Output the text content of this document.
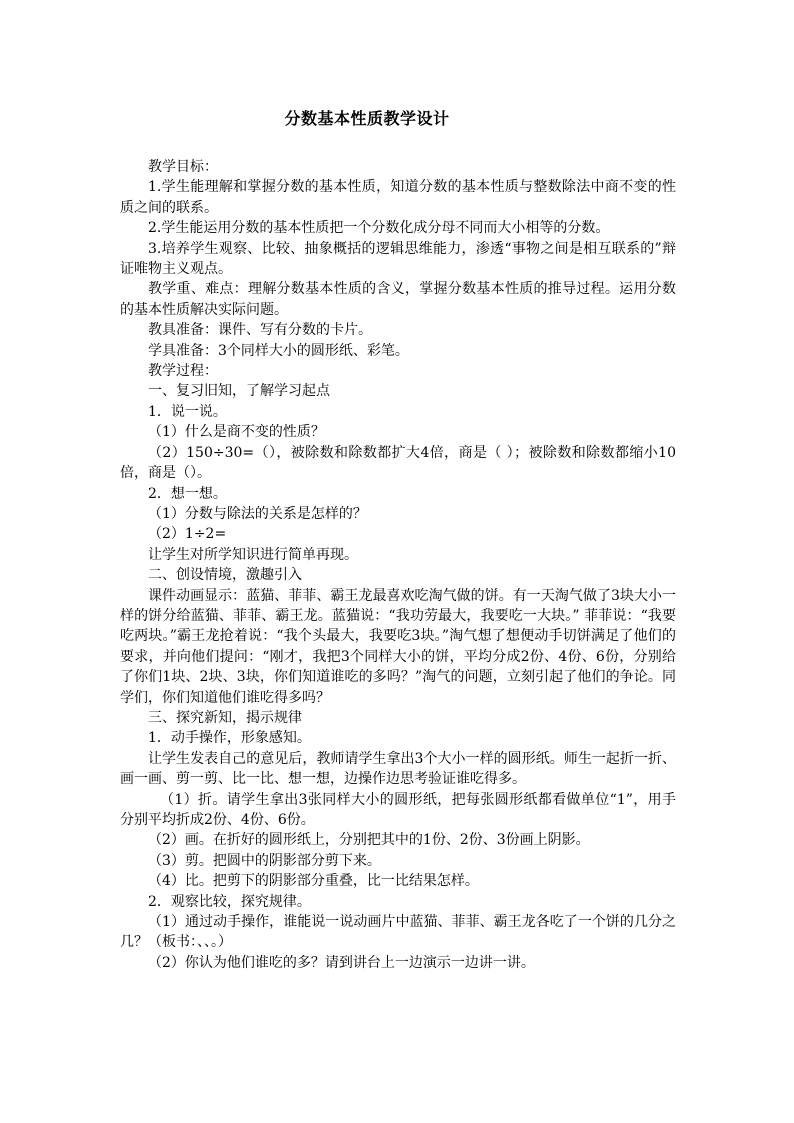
分数基本性质教学设计

教学目标：

1.学生能理解和掌握分数的基本性质，知道分数的基本性质与整数除法中商不变的性质之间的联系。

2.学生能运用分数的基本性质把一个分数化成分母不同而大小相等的分数。

3.培养学生观察、比较、抽象概括的逻辑思维能力，渗透“事物之间是相互联系的”辩证唯物主义观点。

教学重、难点：理解分数基本性质的含义，掌握分数基本性质的推导过程。运用分数的基本性质解决实际问题。

教具准备：课件、写有分数的卡片。

学具准备：3个同样大小的圆形纸、彩笔。

教学过程：

一、复习旧知，了解学习起点

1．说一说。

（1）什么是商不变的性质？

（2）150÷30=（），被除数和除数都扩大4倍，商是（ ）；被除数和除数都缩小10倍，商是（）。

2．想一想。

（1）分数与除法的关系是怎样的？

（2）1÷2=

让学生对所学知识进行简单再现。

二、创设情境，激趣引入

课件动画显示：蓝猫、菲菲、霸王龙最喜欢吃淘气做的饼。有一天淘气做了3块大小一样的饼分给蓝猫、菲菲、霸王龙。蓝猫说：“我功劳最大，我要吃一大块。” 菲菲说：“我要吃两块。”霸王龙抢着说：“我个头最大，我要吃3块。”淘气想了想便动手切饼满足了他们的要求，并向他们提问：“刚才，我把3个同样大小的饼，平均分成2份、4份、6份，分别给了你们1块、2块、3块，你们知道谁吃的多吗？”淘气的问题，立刻引起了他们的争论。同学们，你们知道他们谁吃得多吗？

三、探究新知，揭示规律

1．动手操作，形象感知。

让学生发表自己的意见后，教师请学生拿出3个大小一样的圆形纸。师生一起折一折、画一画、剪一剪、比一比、想一想，边操作边思考验证谁吃得多。

（1）折。请学生拿出3张同样大小的圆形纸，把每张圆形纸都看做单位“1”，用手分别平均折成2份、4份、6份。

（2）画。在折好的圆形纸上，分别把其中的1份、2份、3份画上阴影。

（3）剪。把圆中的阴影部分剪下来。

（4）比。把剪下的阴影部分重叠，比一比结果怎样。

2．观察比较，探究规律。

（1）通过动手操作，谁能说一说动画片中蓝猫、菲菲、霸王龙各吃了一个饼的几分之几？（板书：、、。）

（2）你认为他们谁吃的多？请到讲台上一边演示一边讲一讲。
